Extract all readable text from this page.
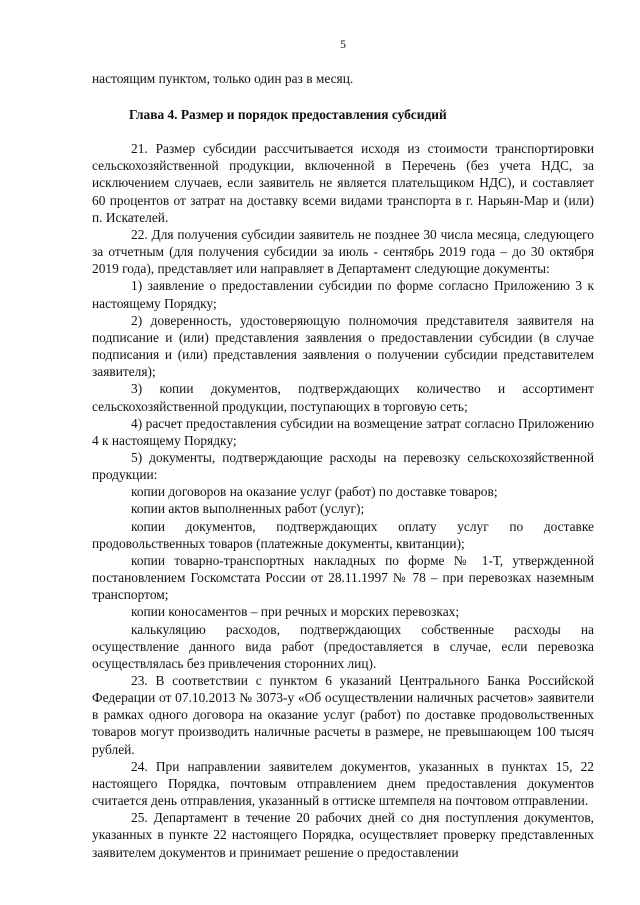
5

настоящим пунктом, только один раз в месяц.

Глава 4. Размер и порядок предоставления субсидий

21. Размер субсидии рассчитывается исходя из стоимости транспортировки сельскохозяйственной продукции, включенной в Перечень (без учета НДС, за исключением случаев, если заявитель не является плательщиком НДС), и составляет 60 процентов от затрат на доставку всеми видами транспорта в г. Нарьян-Мар и (или) п. Искателей.

22. Для получения субсидии заявитель не позднее 30 числа месяца, следующего за отчетным (для получения субсидии за июль - сентябрь 2019 года – до 30 октября 2019 года), представляет или направляет в Департамент следующие документы:

1) заявление о предоставлении субсидии по форме согласно Приложению 3 к настоящему Порядку;

2) доверенность, удостоверяющую полномочия представителя заявителя на подписание и (или) представления заявления о предоставлении субсидии (в случае подписания и (или) представления заявления о получении субсидии представителем заявителя);

3) копии документов, подтверждающих количество и ассортимент сельскохозяйственной продукции, поступающих в торговую сеть;

4) расчет предоставления субсидии на возмещение затрат согласно Приложению 4 к настоящему Порядку;

5) документы, подтверждающие расходы на перевозку сельскохозяйственной продукции:

копии договоров на оказание услуг (работ) по доставке товаров;

копии актов выполненных работ (услуг);

копии документов, подтверждающих оплату услуг по доставке продовольственных товаров (платежные документы, квитанции);

копии товарно-транспортных накладных по форме № 1-Т, утвержденной постановлением Госкомстата России от 28.11.1997 № 78 – при перевозках наземным транспортом;

копии коносаментов – при речных и морских перевозках;

калькуляцию расходов, подтверждающих собственные расходы на осуществление данного вида работ (предоставляется в случае, если перевозка осуществлялась без привлечения сторонних лиц).

23. В соответствии с пунктом 6 указаний Центрального Банка Российской Федерации от 07.10.2013 № 3073-у «Об осуществлении наличных расчетов» заявители в рамках одного договора на оказание услуг (работ) по доставке продовольственных товаров могут производить наличные расчеты в размере, не превышающем 100 тысяч рублей.

24. При направлении заявителем документов, указанных в пунктах 15, 22 настоящего Порядка, почтовым отправлением днем предоставления документов считается день отправления, указанный в оттиске штемпеля на почтовом отправлении.

25. Департамент в течение 20 рабочих дней со дня поступления документов, указанных в пункте 22 настоящего Порядка, осуществляет проверку представленных заявителем документов и принимает решение о предоставлении
